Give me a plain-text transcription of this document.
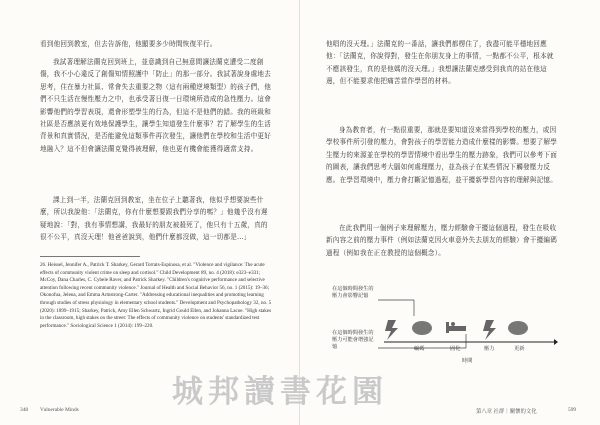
看到他回到教室，但去告訴他，他顯要多少時間恢復平行。

我試著理解法蘭克回到班上，並意識到自己無意間讓法蘭克遭受二度創傷，我不小心違反了創傷知情照護中「防止」的那一部分。我試著說身處地去思考，住在暴力社區、常會失去重要之物（這有兩種逆境類型）的孩子們，他們不只生活在慢性壓力之中，也承受著日復一日環境所造成的急性壓力。這會影響他們的學習表現，還會形塑學生的行為，但這不是他們的錯。我的班級和社區是否應該更有效地保護學生，讓學生知道發生什麼事？若了解學生的生活背景和真實情況，是否能避免這類事件再次發生，讓他們在學校和生活中更好地融入？這不但會讓法蘭克覺得被理解，他也更有機會能獲得適當支持。

課上到一半，法蘭克回到教室，坐在位子上聽著我，他似乎想要說些什麼，所以我說他：「法蘭克，你有什麼想要跟我們分享的嗎？」他幾乎沒有遲疑地說：「對，我有事情想講，我最好的朋友被殺死了，他只有十五歲，真的很不公平，真沒天理！他爸爸說到，他們什麼都沒做，這一切都是…」

26. Heissel, Jennifer A., Patrick T. Sharkey, Gerard Torrats-Espinosa, et al. "Violence and vigilance: The acute effects of community violent crime on sleep and cortisol." Child Development 89, no. 4 (2018): e323–e331; McCoy, Dana Charles, C. Cybele Raver, and Patrick Sharkey. "Children's cognitive performance and selective attention following recent community violence." Journal of Health and Social Behavior 56, no. 1 (2015): 19–36; Okonofua, Jelena, and Emma Armstrong-Carter. "Addressing educational inequalities and promoting learning through studies of stress physiology in elementary school students." Development and Psychopathology 32, no. 5 (2020): 1899–1915; Sharkey, Patrick, Amy Ellen Schwartz, Ingrid Gould Ellen, and Johanna Lacoe. "High stakes in the classroom, high stakes on the street: The effects of community violence on students' standardized test performance." Sociological Science 1 (2014): 199–220.

348 Vulnerable Minds

他唱的沒天理。」法蘭克的一番話，讓我們都楞住了，我盡可能平穩地回應他：「法蘭克，你說得對，發生在你朋友身上的事情，一點都不公平，根本就不應該發生，真的是他媽的沒天理。」我想讓法蘭克感受到我真的站在他這邊，但不能要求他把痛苦當作學習的材料。

身為教育者，有一點很重要，那就是要知道沒來當得到學校的壓力，或因學校事件所引發的壓力，會對孩子的學習能力造成什麼樣的影響。想要了解學生壓力的來源並在學校的學習情境中看出學生的壓力跡象，我們可以參考下面的圖表，讓我們思考大腦如何處理壓力，並為孩子在某些情況下觸發壓力反應。在學習環境中，壓力會打斷記憶過程，並干擾新學習內容的理解與記憶。

在此我們用一個例子來理解壓力，壓力經驗會干擾這個過程，發生在吸收新內容之前的壓力事件（例如法蘭克因火車意外失去朋友的經驗）會干擾編碼過程（例如我在正在教授的這個概念）。

在這個時間發生的壓力會影響記憶
在這個時間發生的壓力可能會增強記憶	編碼	固化	壓力	更新
時間
第八章 社群｜關懷的文化	599
城邦讀書花園
